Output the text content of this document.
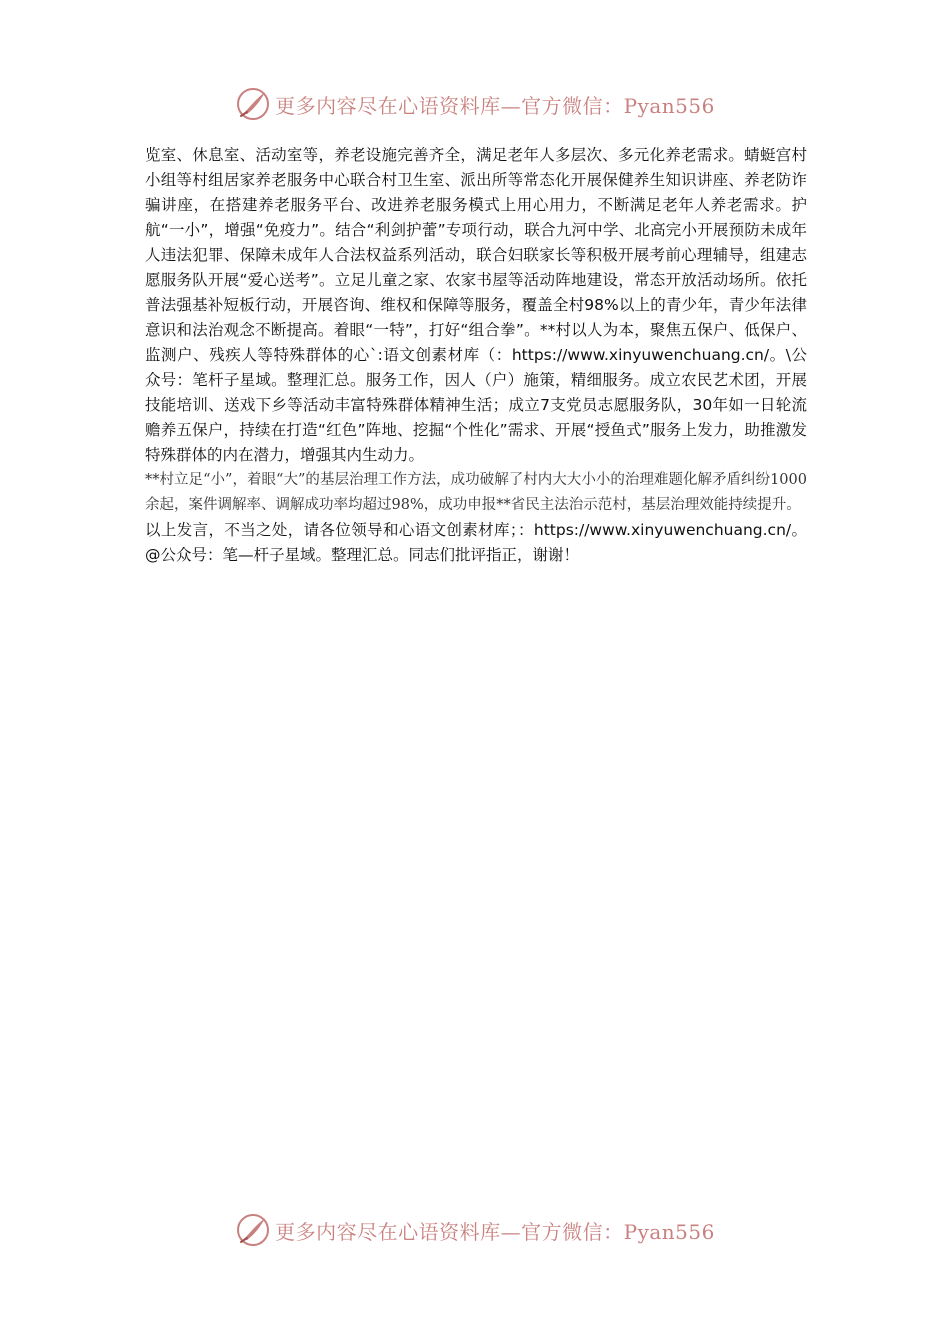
更多内容尽在心语资料库—官方微信：Pyan556

览室、休息室、活动室等，养老设施完善齐全，满足老年人多层次、多元化养老需求。蜻蜓宫村小组等村组居家养老服务中心联合村卫生室、派出所等常态化开展保健养生知识讲座、养老防诈骗讲座，在搭建养老服务平台、改进养老服务模式上用心用力，不断满足老年人养老需求。护航“一小”，增强“免疫力”。结合“利剑护蕾”专项行动，联合九河中学、北高完小开展预防未成年人违法犯罪、保障未成年人合法权益系列活动，联合妇联家长等积极开展考前心理辅导，组建志愿服务队开展“爱心送考”。立足儿童之家、农家书屋等活动阵地建设，常态开放活动场所。依托普法强基补短板行动，开展咨询、维权和保障等服务，覆盖全村98%以上的青少年，青少年法律意识和法治观念不断提高。着眼“一特”，打好“组合拳”。**村以人为本，聚焦五保户、低保户、监测户、残疾人等特殊群体的心`:语文创素材库（：https://www.xinyuwenchuang.cn/。\公众号：笔杆子星域。整理汇总。服务工作，因人（户）施策，精细服务。成立农民艺术团，开展技能培训、送戏下乡等活动丰富特殊群体精神生活；成立7支党员志愿服务队，30年如一日轮流赡养五保户，持续在打造“红色”阵地、挖掘“个性化”需求、开展“授鱼式”服务上发力，助推激发特殊群体的内在潜力，增强其内生动力。

**村立足“小”，着眼“大”的基层治理工作方法，成功破解了村内大大小小的治理难题化解矛盾纠纷1000余起，案件调解率、调解成功率均超过98%，成功申报**省民主法治示范村，基层治理效能持续提升。

以上发言，不当之处，请各位领导和心语文创素材库；：https://www.xinyuwenchuang.cn/。@公众号：笔—杆子星域。整理汇总。同志们批评指正，谢谢！

更多内容尽在心语资料库—官方微信：Pyan556
